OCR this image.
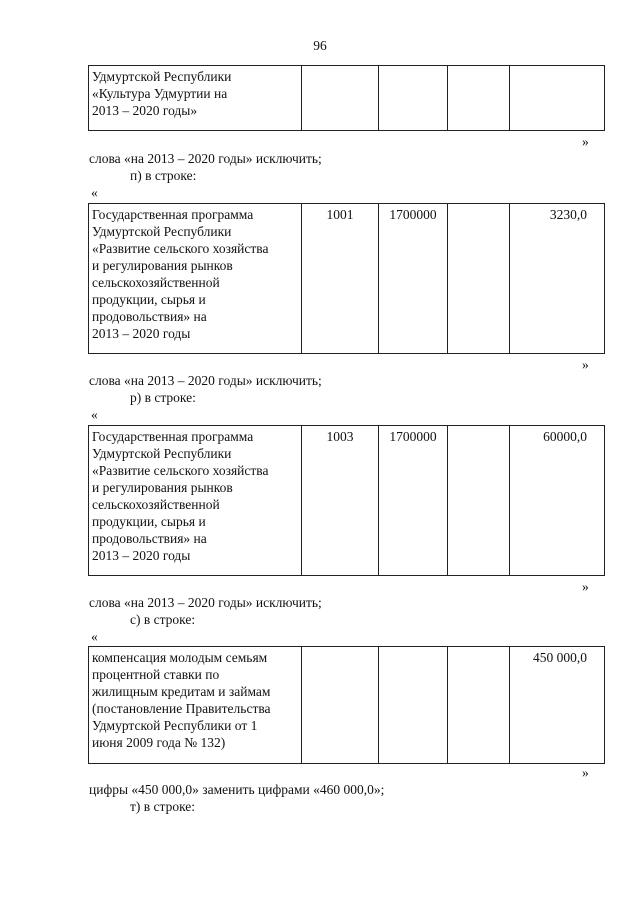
96
Удмуртской Республики
«Культура Удмуртии на
2013 – 2020 годы»

»
слова «на 2013 – 2020 годы» исключить;
п) в строке:
«
Государственная программа
Удмуртской Республики
«Развитие сельского хозяйства
и регулирования рынков
сельскохозяйственной
продукции, сырья и
продовольствия» на
2013 – 2020 годы
	1001	1700000		3230,0
»
слова «на 2013 – 2020 годы» исключить;
р) в строке:
«
Государственная программа
Удмуртской Республики
«Развитие сельского хозяйства
и регулирования рынков
сельскохозяйственной
продукции, сырья и
продовольствия» на
2013 – 2020 годы
	1003	1700000		60000,0
»
слова «на 2013 – 2020 годы» исключить;
с) в строке:
«
компенсация молодым семьям
процентной ставки по
жилищным кредитам и займам
(постановление Правительства
Удмуртской Республики от 1
июня 2009 года № 132)
				450 000,0
»
цифры «450 000,0» заменить цифрами «460 000,0»;
т) в строке:
